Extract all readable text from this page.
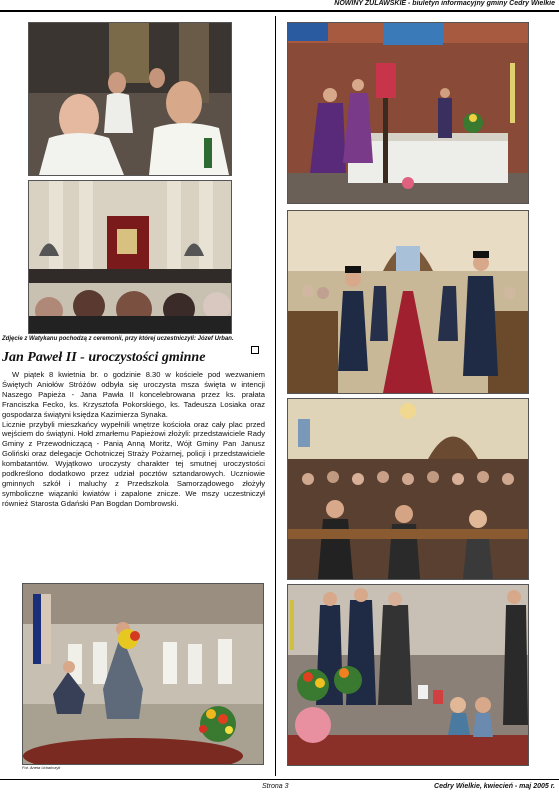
NOWINY ŻULAWSKIE - biuletyn informacyjny gminy Cedry Wielkie
Zdjęcie z Watykanu pochodzą z ceremonii, przy której uczestniczyli: Józef Urban.
Jan Paweł II - uroczystości gminne

W piątek 8 kwietnia br. o godzinie 8.30 w kościele pod wezwaniem Świętych Aniołów Stróżów odbyła się uroczysta msza święta w intencji Naszego Papieża - Jana Pawła II koncelebrowana przez ks. prałata Franciszka Fecko, ks. Krzysztofa Pokorskiego, ks. Tadeusza Losiaka oraz gospodarza świątyni księdza Kazimierza Synaka.

Licznie przybyli mieszkańcy wypełnili wnętrze kościoła oraz cały plac przed wejściem do świątyni. Hołd zmarłemu Papieżowi złożyli: przedstawiciele Rady Gminy z Przewodniczącą - Panią Anną Moritz, Wójt Gminy Pan Janusz Goliński oraz delegacje Ochotniczej Straży Pożarnej, policji i przedstawiciele kombatantów. Wyjątkowo uroczysty charakter tej smutnej uroczystości podkreślono dodatkowo przez udział pocztów sztandarowych. Uczniowie gminnych szkół i maluchy z Przedszkola Samorządowego złożyły symboliczne wiązanki kwiatów i zapalone znicze. We mszy uczestniczył również Starosta Gdański Pan Bogdan Dombrowski.

Fot. Aneta Urbańczyk
Strona 3	Cedry Wielkie, kwiecień - maj 2005 r.
